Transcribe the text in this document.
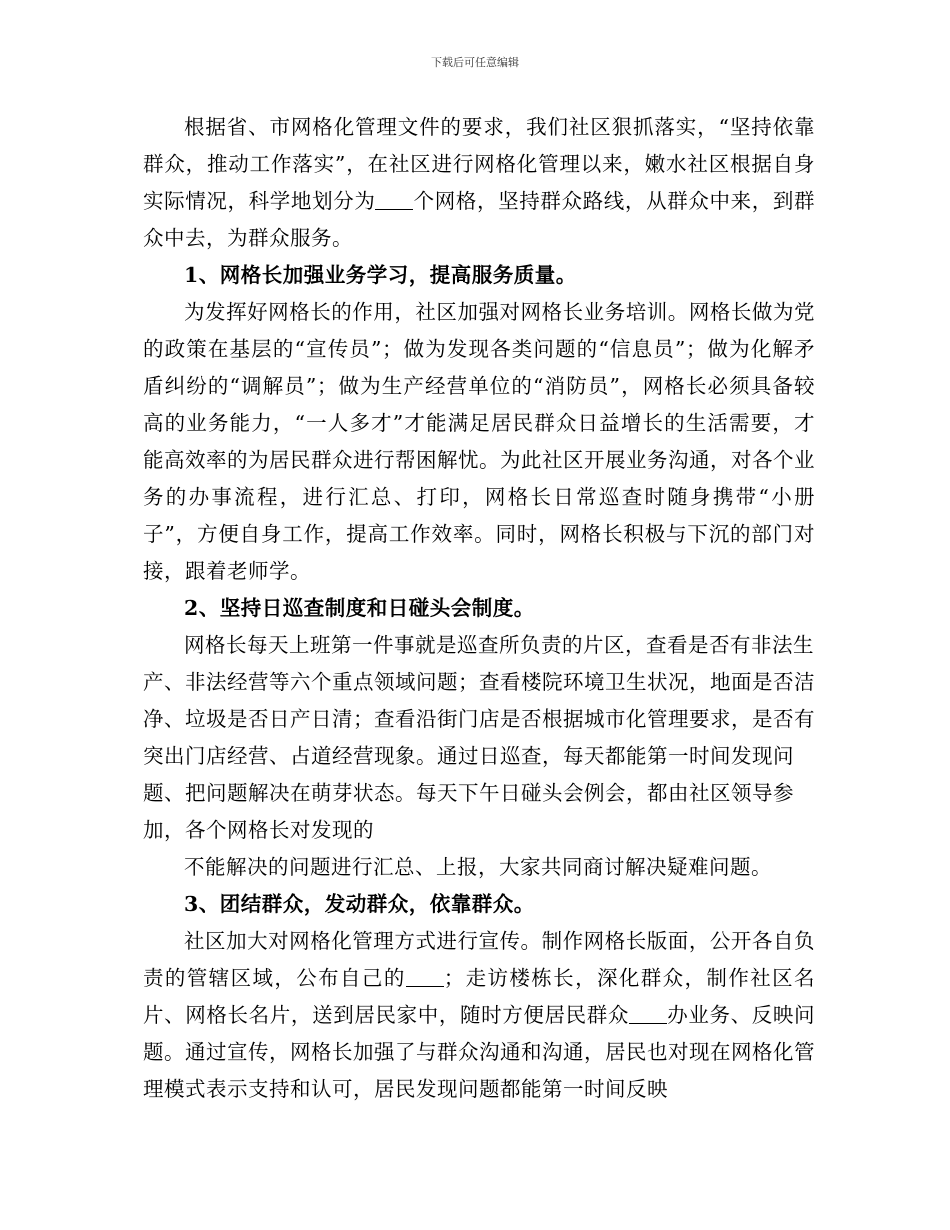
下载后可任意编辑

根据省、市网格化管理文件的要求，我们社区狠抓落实，“坚持依靠群众，推动工作落实”，在社区进行网格化管理以来，嫩水社区根据自身实际情况，科学地划分为 个网格，坚持群众路线，从群众中来，到群众中去，为群众服务。

1、网格长加强业务学习，提高服务质量。

为发挥好网格长的作用，社区加强对网格长业务培训。网格长做为党的政策在基层的“宣传员”；做为发现各类问题的“信息员”；做为化解矛盾纠纷的“调解员”；做为生产经营单位的“消防员”，网格长必须具备较高的业务能力，“一人多才”才能满足居民群众日益增长的生活需要，才能高效率的为居民群众进行帮困解忧。为此社区开展业务沟通，对各个业务的办事流程，进行汇总、打印，网格长日常巡查时随身携带“小册子”，方便自身工作，提高工作效率。同时，网格长积极与下沉的部门对接，跟着老师学。

2、坚持日巡查制度和日碰头会制度。

网格长每天上班第一件事就是巡查所负责的片区，查看是否有非法生产、非法经营等六个重点领域问题；查看楼院环境卫生状况，地面是否洁净、垃圾是否日产日清；查看沿街门店是否根据城市化管理要求，是否有突出门店经营、占道经营现象。通过日巡查，每天都能第一时间发现问题、把问题解决在萌芽状态。每天下午日碰头会例会，都由社区领导参加，各个网格长对发现的

不能解决的问题进行汇总、上报，大家共同商讨解决疑难问题。

3、团结群众，发动群众，依靠群众。

社区加大对网格化管理方式进行宣传。制作网格长版面，公开各自负责的管辖区域，公布自己的 ；走访楼栋长，深化群众，制作社区名片、网格长名片，送到居民家中，随时方便居民群众 办业务、反映问题。通过宣传，网格长加强了与群众沟通和沟通，居民也对现在网格化管理模式表示支持和认可，居民发现问题都能第一时间反映
